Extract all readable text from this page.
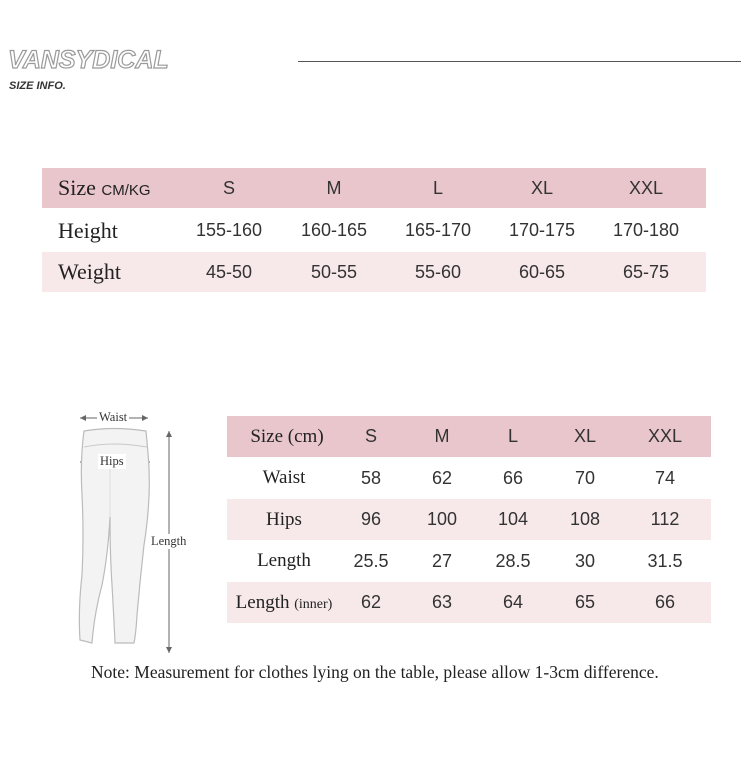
VANSYDICAL
SIZE INFO.
Size CM/KG	S	M	L	XL	XXL
Height	155-160	160-165	165-170	170-175	170-180
Weight	45-50	50-55	55-60	60-65	65-75
Waist
Hips
Length
Size (cm)	S	M	L	XL	XXL
Waist	58	62	66	70	74
Hips	96	100	104	108	112
Length	25.5	27	28.5	30	31.5
Length (inner)	62	63	64	65	66
Note: Measurement for clothes lying on the table, please allow 1-3cm difference.
